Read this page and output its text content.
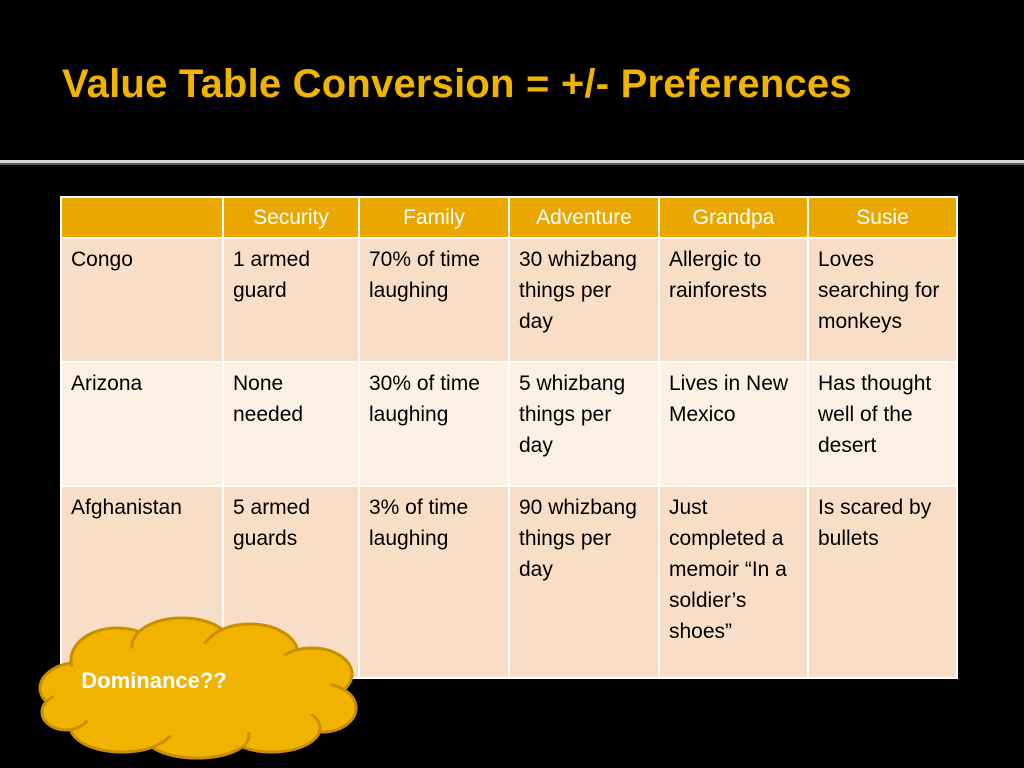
Value Table Conversion = +/- Preferences
	Security	Family	Adventure	Grandpa	Susie
Congo	1 armed guard	70% of time laughing	30 whizbang things per day	Allergic to rainforests	Loves searching for monkeys
Arizona	None needed	30% of time laughing	5 whizbang things per day	Lives in New Mexico	Has thought well of the desert
Afghanistan	5 armed guards	3% of time laughing	90 whizbang things per day	Just completed a memoir “In a soldier’s shoes”	Is scared by bullets
Dominance??
